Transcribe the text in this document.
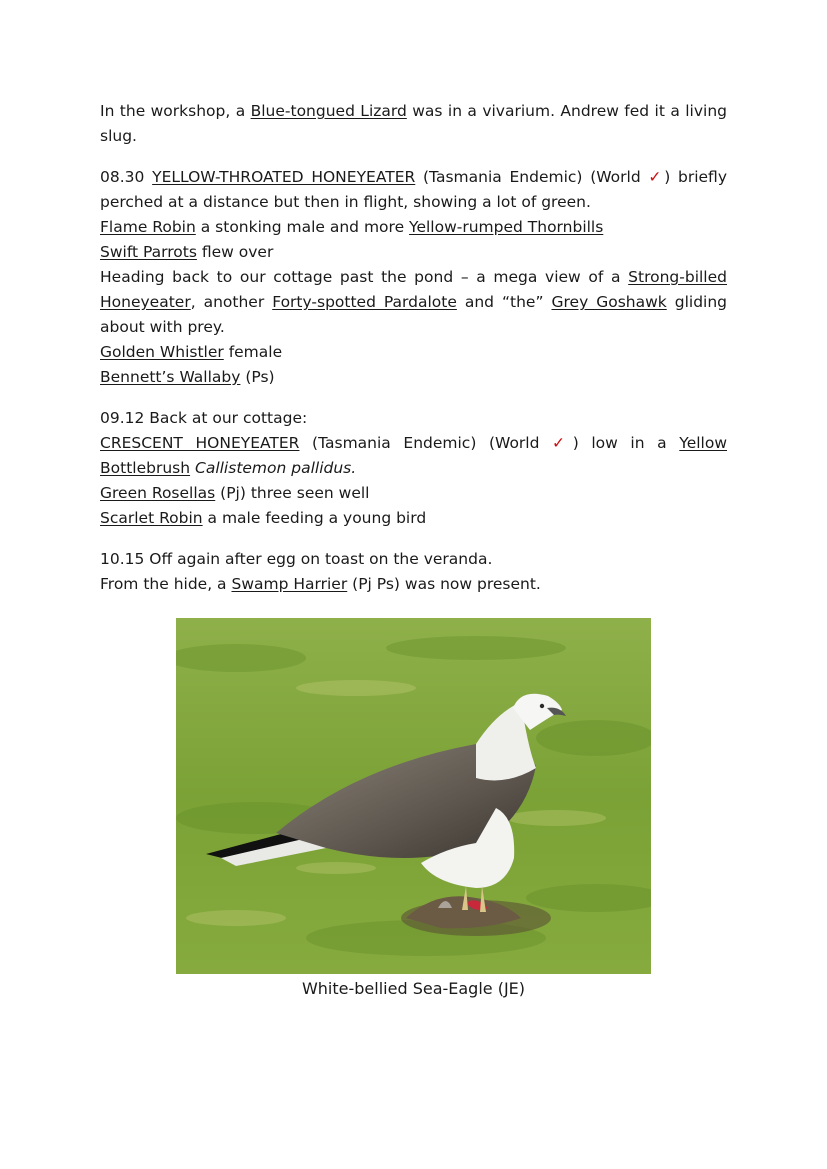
In the workshop, a Blue-tongued Lizard was in a vivarium. Andrew fed it a living slug.

08.30 YELLOW-THROATED HONEYEATER (Tasmania Endemic) (World ✓) briefly perched at a distance but then in flight, showing a lot of green.
Flame Robin a stonking male and more Yellow-rumped Thornbills
Swift Parrots flew over
Heading back to our cottage past the pond – a mega view of a Strong-billed Honeyeater, another Forty-spotted Pardalote and “the” Grey Goshawk gliding about with prey.
Golden Whistler female
Bennett’s Wallaby (Ps)
09.12 Back at our cottage:
CRESCENT HONEYEATER (Tasmania Endemic) (World ✓) low in a Yellow Bottlebrush Callistemon pallidus.
Green Rosellas (Pj) three seen well
Scarlet Robin a male feeding a young bird
10.15 Off again after egg on toast on the veranda.
From the hide, a Swamp Harrier (Pj Ps) was now present.
White-bellied Sea-Eagle (JE)
